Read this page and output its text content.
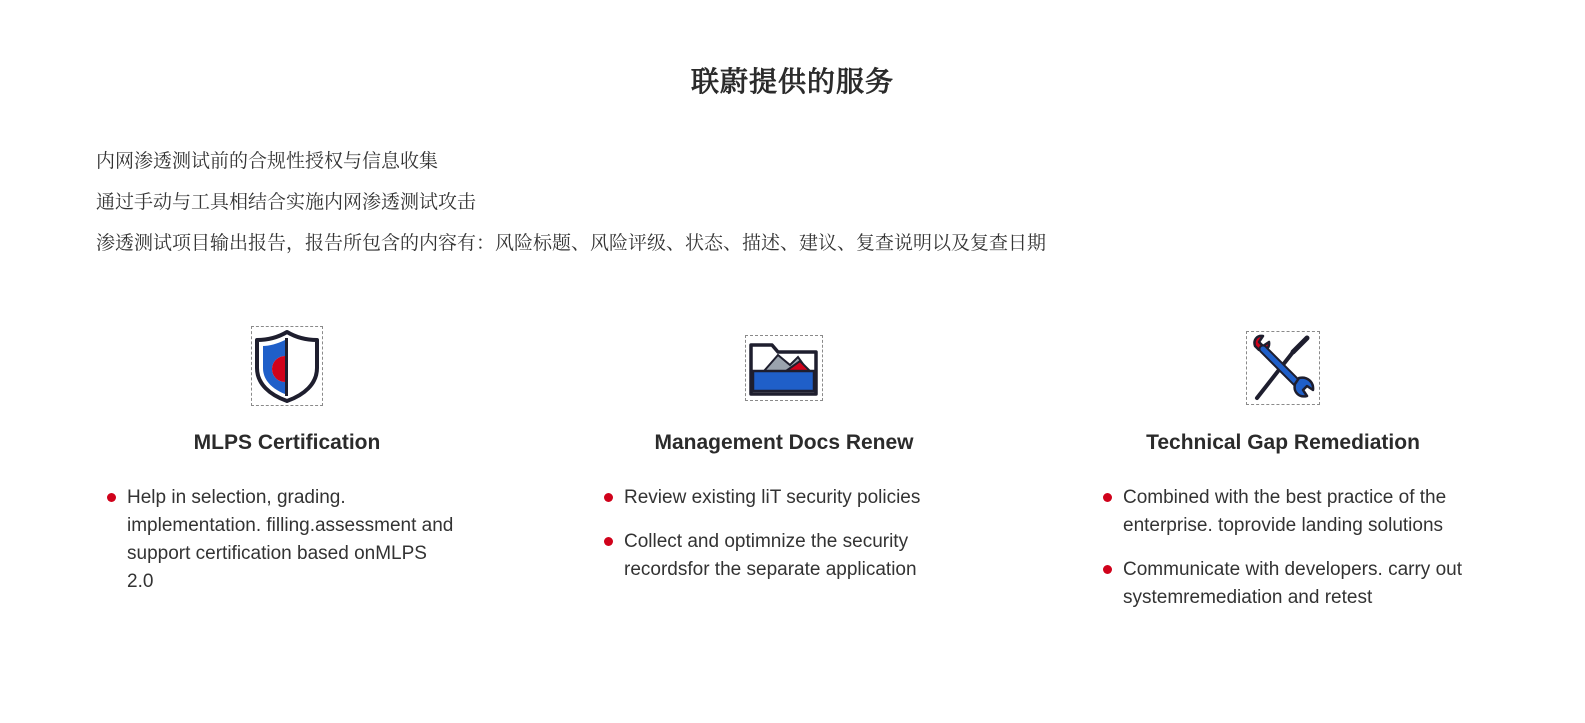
联蔚提供的服务
内网渗透测试前的合规性授权与信息收集
通过手动与工具相结合实施内网渗透测试攻击
渗透测试项目输出报告，报告所包含的内容有：风险标题、风险评级、状态、描述、建议、复查说明以及复查日期
MLPS Certification
Help in selection, grading. implementation. filling.assessment and support certification based onMLPS 2.0
Management Docs Renew
Review existing liT security policies
Collect and optimnize the security recordsfor the separate application
Technical Gap Remediation
Combined with the best practice of the enterprise. toprovide landing solutions
Communicate with developers. carry out systemremediation and retest
